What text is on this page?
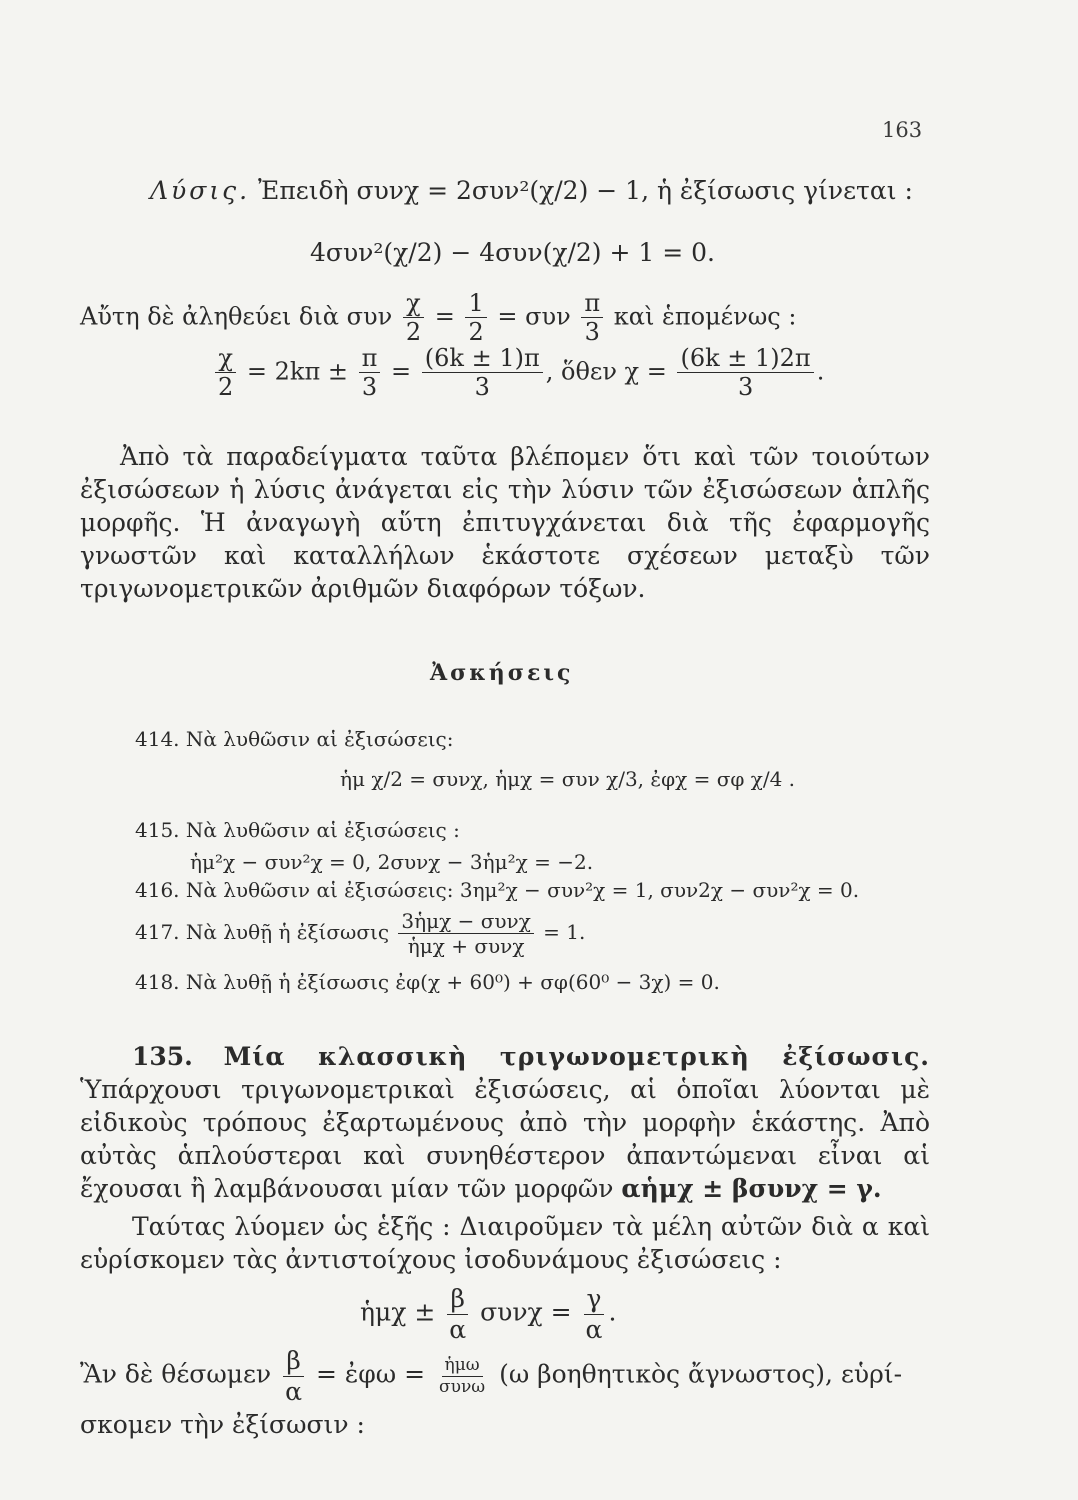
163
Λύσις. Ἐπειδὴ συνχ = 2συν²(χ/2) − 1, ἡ ἐξίσωσις γίνεται :
4συν²(χ/2) − 4συν(χ/2) + 1 = 0.
Αὔτη δὲ ἀληθεύει διὰ συν $\frac{\chi}{2} = \frac{1}{2} = \sigma\upsilon\nu \frac{\pi}{3}$ καὶ ἑπομένως :
$\frac{\chi}{2} = 2k\pi \pm \frac{\pi}{3} = \frac{(6k \pm 1)\pi}{3}$ , ὅθεν $\chi = \frac{(6k \pm 1)2\pi}{3}$ .
Ἀπὸ τὰ παραδείγματα ταῦτα βλέπομεν ὅτι καὶ τῶν τοιούτων ἐξισώσεων ἡ λύσις ἀνάγεται εἰς τὴν λύσιν τῶν ἐξισώσεων ἁπλῆς μορφῆς. Ἡ ἀναγωγὴ αὕτη ἐπιτυγχάνεται διὰ τῆς ἐφαρμογῆς γνωστῶν καὶ καταλλήλων ἑκάστοτε σχέσεων μεταξὺ τῶν τριγωνομετρικῶν ἀριθμῶν διαφόρων τόξων.
Ἀσκήσεις
414. Νὰ λυθῶσιν αἱ ἐξισώσεις:
ἡμ χ/2 = συνχ, ἡμχ = συν χ/3, ἐφχ = σφ χ/4 .
415. Νὰ λυθῶσιν αἱ ἐξισώσεις :
ἡμ²χ − συν²χ = 0, 2συνχ − 3ἡμ²χ = −2.
416. Νὰ λυθῶσιν αἱ ἐξισώσεις: 3ημ²χ − συν²χ = 1, συν2χ − συν²χ = 0.
417. Νὰ λυθῇ ἡ ἐξίσωσις $\frac{\text{3ἡμχ − συνχ}}{\text{ἡμχ + συνχ}} = 1$.
418. Νὰ λυθῇ ἡ ἐξίσωσις ἐφ(χ + 60⁰) + σφ(60⁰ − 3χ) = 0.
135. Μία κλασσικὴ τριγωνομετρικὴ ἐξίσωσις. Ὑπάρχουσι τριγωνομετρικαὶ ἐξισώσεις, αἱ ὁποῖαι λύονται μὲ εἰδικοὺς τρόπους ἐξαρτωμένους ἀπὸ τὴν μορφὴν ἑκάστης. Ἀπὸ αὐτὰς ἁπλούστεραι καὶ συνηθέστερον ἀπαντώμεναι εἶναι αἱ ἔχουσαι ἢ λαμβάνουσαι μίαν τῶν μορφῶν αἡμχ ± βσυνχ = γ.
Ταύτας λύομεν ὡς ἑξῆς : Διαιροῦμεν τὰ μέλη αὐτῶν διὰ α καὶ εὑρίσκομεν τὰς ἀντιστοίχους ἰσοδυνάμους ἐξισώσεις :
ἡμχ ± $\frac{\beta}{\alpha}$ $\sigma\upsilon\nu\chi = \frac{\gamma}{\alpha}$ .
Ἂν δὲ θέσωμεν $\frac{\beta}{\alpha}$ = ἐφω = $\frac{\text{ἡμω}}{\text{συνω}} (\omega$ βοηθητικὸς ἄγνωστος), εὑρί-
σκομεν τὴν ἐξίσωσιν :
